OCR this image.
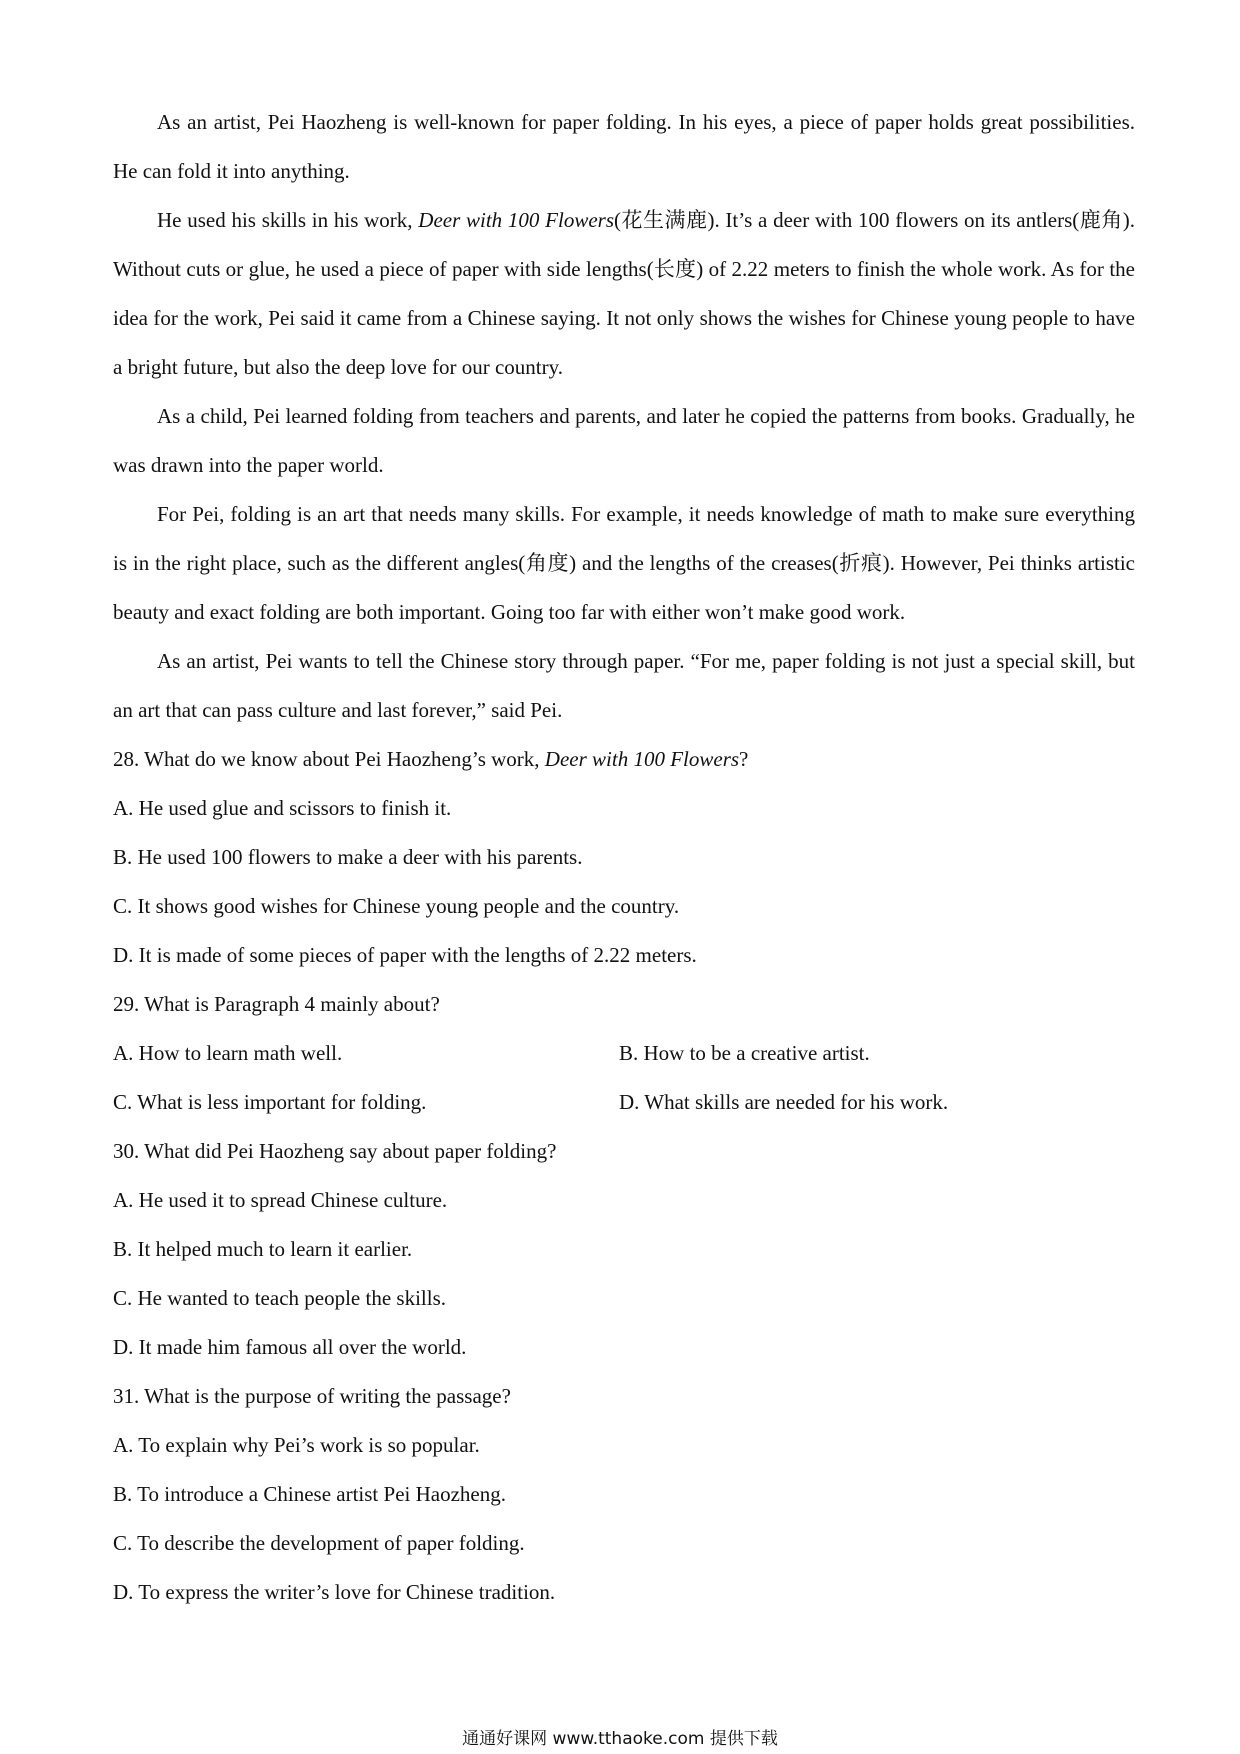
As an artist, Pei Haozheng is well-known for paper folding. In his eyes, a piece of paper holds great possibilities. He can fold it into anything.

He used his skills in his work, Deer with 100 Flowers(花生满鹿). It’s a deer with 100 flowers on its antlers(鹿角). Without cuts or glue, he used a piece of paper with side lengths(长度) of 2.22 meters to finish the whole work. As for the idea for the work, Pei said it came from a Chinese saying. It not only shows the wishes for Chinese young people to have a bright future, but also the deep love for our country.

As a child, Pei learned folding from teachers and parents, and later he copied the patterns from books. Gradually, he was drawn into the paper world.

For Pei, folding is an art that needs many skills. For example, it needs knowledge of math to make sure everything is in the right place, such as the different angles(角度) and the lengths of the creases(折痕). However, Pei thinks artistic beauty and exact folding are both important. Going too far with either won’t make good work.

As an artist, Pei wants to tell the Chinese story through paper. “For me, paper folding is not just a special skill, but an art that can pass culture and last forever,” said Pei.

28. What do we know about Pei Haozheng’s work, Deer with 100 Flowers?

A. He used glue and scissors to finish it.

B. He used 100 flowers to make a deer with his parents.

C. It shows good wishes for Chinese young people and the country.

D. It is made of some pieces of paper with the lengths of 2.22 meters.

29. What is Paragraph 4 mainly about?

A. How to learn math well.	B. How to be a creative artist.

C. What is less important for folding.	D. What skills are needed for his work.

30. What did Pei Haozheng say about paper folding?

A. He used it to spread Chinese culture.

B. It helped much to learn it earlier.

C. He wanted to teach people the skills.

D. It made him famous all over the world.

31. What is the purpose of writing the passage?

A. To explain why Pei’s work is so popular.

B. To introduce a Chinese artist Pei Haozheng.

C. To describe the development of paper folding.

D. To express the writer’s love for Chinese tradition.

通通好课网 www.tthaoke.com 提供下载
